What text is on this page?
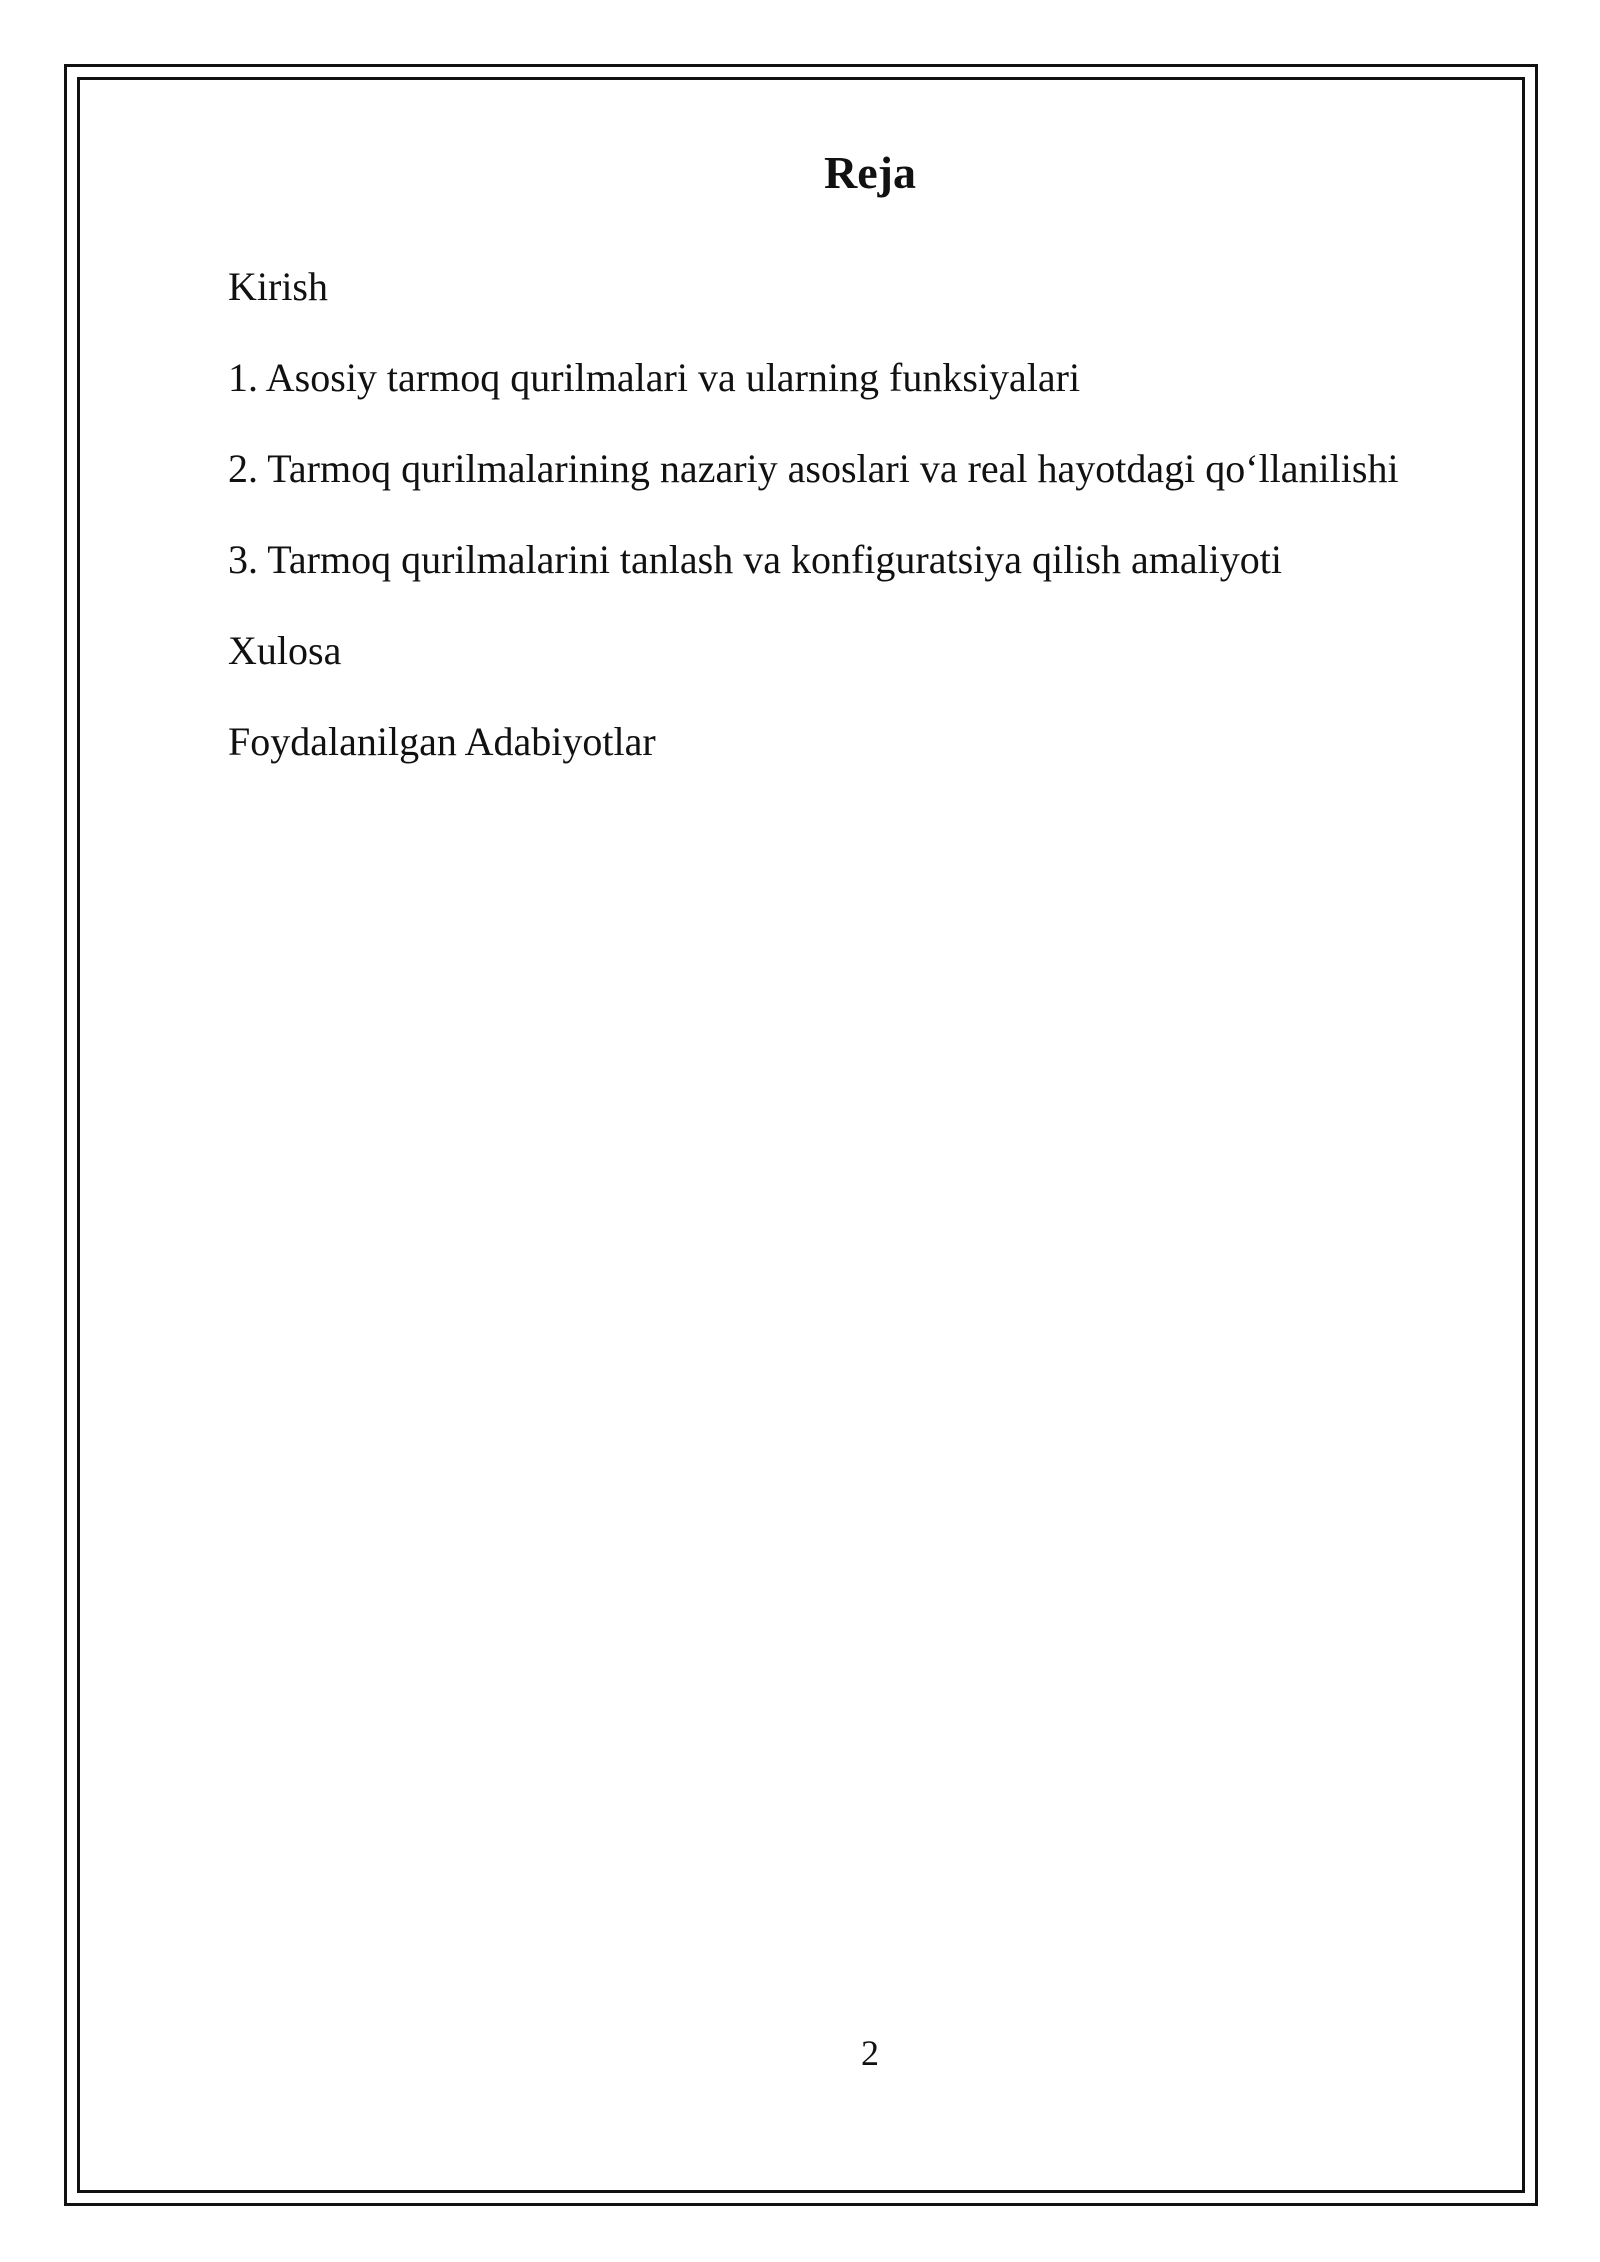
Reja

Kirish

1. Asosiy tarmoq qurilmalari va ularning funksiyalari

2. Tarmoq qurilmalarining nazariy asoslari va real hayotdagi qo‘llanilishi

3. Tarmoq qurilmalarini tanlash va konfiguratsiya qilish amaliyoti

Xulosa

Foydalanilgan Adabiyotlar

2
